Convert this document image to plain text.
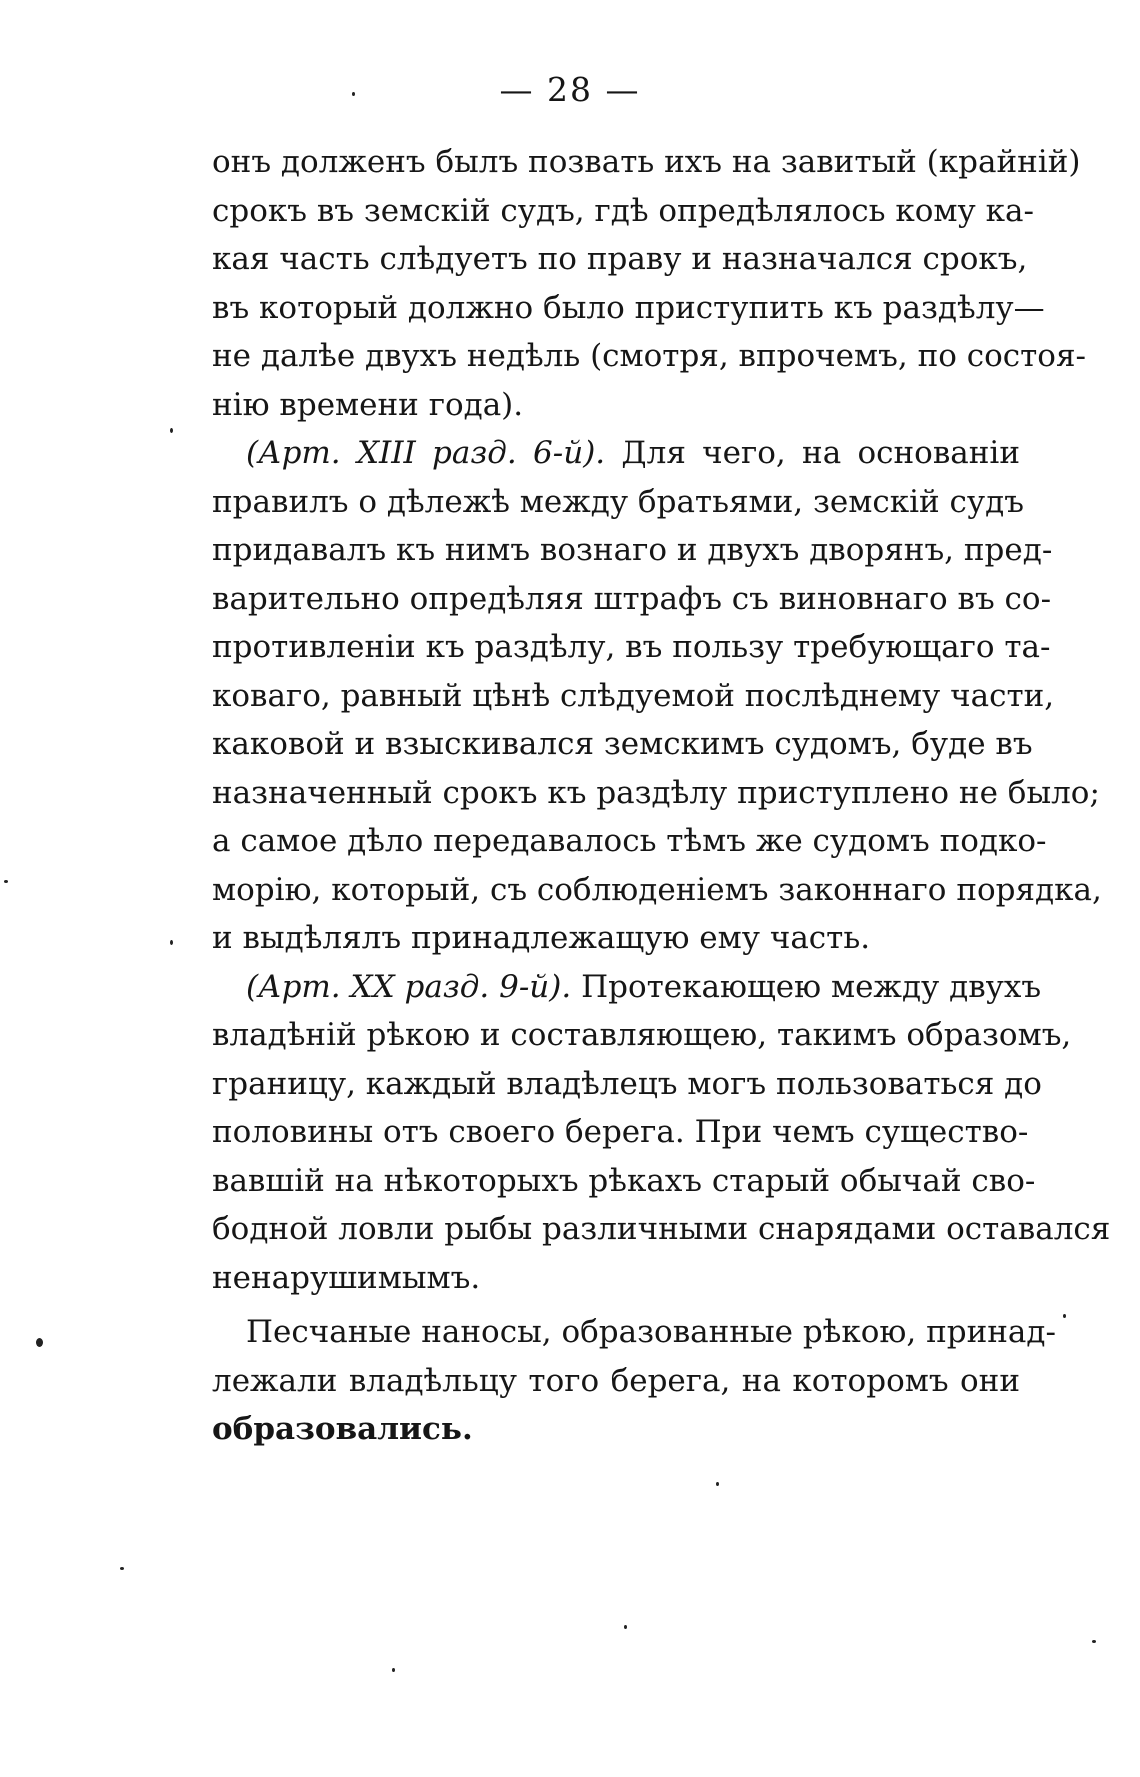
— 28 —
онъ долженъ былъ позвать ихъ на завитый (крайній)
срокъ въ земскій судъ, гдѣ опредѣлялось кому ка-
кая часть слѣдуетъ по праву и назначался срокъ,
въ который должно было приступить къ раздѣлу—
не далѣе двухъ недѣль (смотря, впрочемъ, по состоя-
нію времени года).
(Арт. XIII разд. 6-й). Для чего, на основаніи
правилъ о дѣлежѣ между братьями, земскій судъ
придавалъ къ нимъ вознаго и двухъ дворянъ, пред-
варительно опредѣляя штрафъ съ виновнаго въ со-
противленіи къ раздѣлу, въ пользу требующаго та-
коваго, равный цѣнѣ слѣдуемой послѣднему части,
каковой и взыскивался земскимъ судомъ, буде въ
назначенный срокъ къ раздѣлу приступлено не было;
а самое дѣло передавалось тѣмъ же судомъ подко-
морію, который, съ соблюденіемъ законнаго порядка,
и выдѣлялъ принадлежащую ему часть.
(Арт. XX разд. 9-й). Протекающею между двухъ
владѣній рѣкою и составляющею, такимъ образомъ,
границу, каждый владѣлецъ могъ пользоваться до
половины отъ своего берега. При чемъ существо-
вавшій на нѣкоторыхъ рѣкахъ старый обычай сво-
бодной ловли рыбы различными снарядами оставался
ненарушимымъ.
Песчаные наносы, образованные рѣкою, принад-
лежали владѣльцу того берега, на которомъ они
образовались.
